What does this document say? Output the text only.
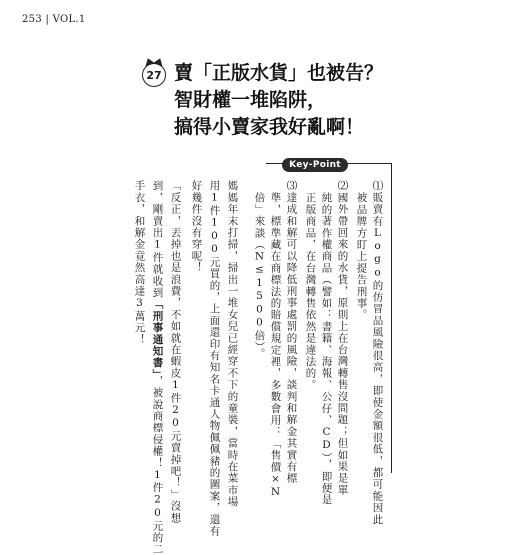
253 | VOL.1
27 賣「正版水貨」也被告？
智財權一堆陷阱，
搞得小賣家我好亂啊！
Key-Point
⑴販賣有Logo的仿冒品風險很高，即使金額很低，都可能因此
被品牌方盯上提告刑事。
⑵國外帶回來的水貨，原則上在台灣轉售沒問題；但如果是單
純的著作權商品（譬如：書籍、海報、公仔、CD），即便是
正版商品，在台灣轉售依然是違法的。
⑶達成和解可以降低刑事處罰的風險，談判和解金其實有標
準，標準藏在商標法的賠償規定裡，多數會用：「售價×N
倍」來談（N≤1500倍）。
媽媽年末打掃，掃出一堆女兒已經穿不下的童裝，當時在菜市場
用1件100元買的，上面還印有知名卡通人物佩佩豬的圖案，還有
好幾件沒有穿呢！
「反正，丟掉也是浪費，不如就在蝦皮1件20元賣掉吧！」沒想
到，剛賣出1件就收到「刑事通知書」，被說商標侵權！1件20元的二
手衣，和解金竟然高達3萬元！
